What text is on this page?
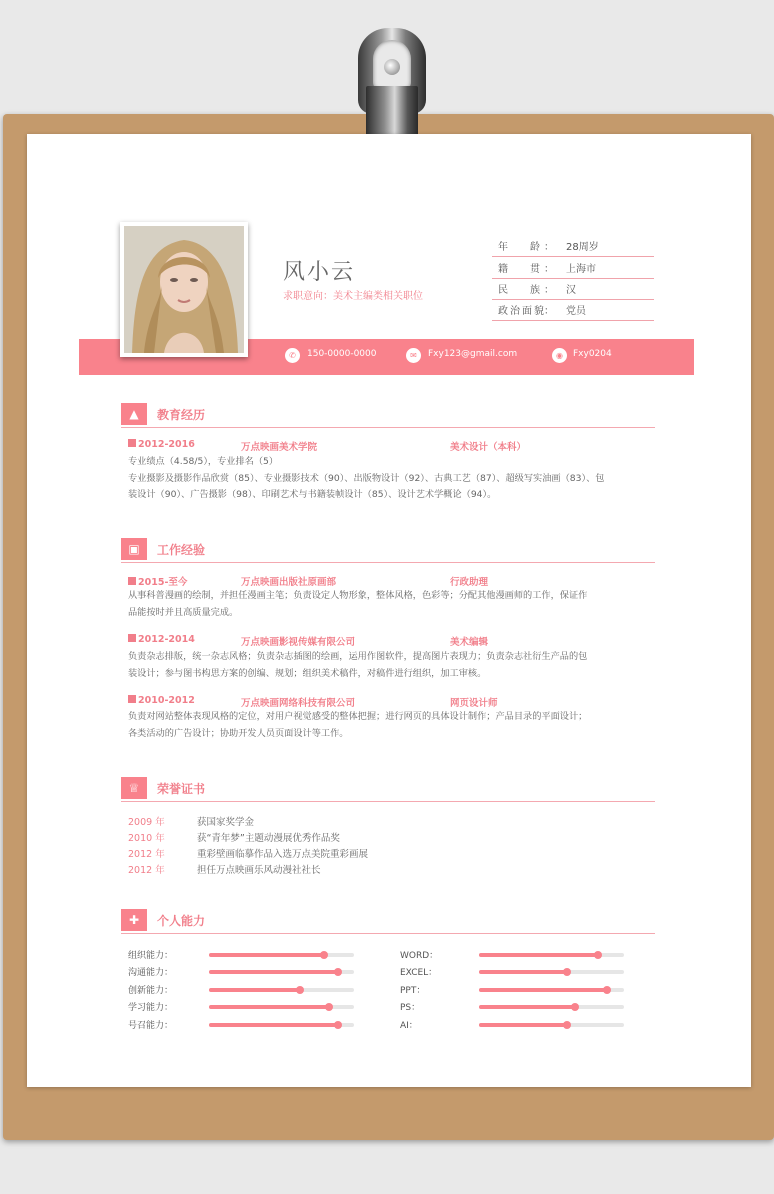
✆	150-0000-0000	✉	Fxy123@gmail.com	◉	Fxy0204
风小云
求职意向：美术主编类相关职位
年　龄
： 28周岁
籍　贯
： 上海市
民　族
： 汉
政治面貌
： 党员
▲	教育经历
2012-2016	万点映画美术学院	美术设计（本科）
专业绩点（4.58/5），专业排名（5）
专业摄影及摄影作品欣赏（85）、专业摄影技术（90）、出版物设计（92）、古典工艺（87）、超级写实油画（83）、包
装设计（90）、广告摄影（98）、印刷艺术与书籍装帧设计（85）、设计艺术学概论（94）。
▣	工作经验
2015-至今	万点映画出版社原画部	行政助理
从事科普漫画的绘制，并担任漫画主笔；负责设定人物形象，整体风格，色彩等；分配其他漫画师的工作，保证作
品能按时并且高质量完成。
2012-2014	万点映画影视传媒有限公司	美术编辑
负责杂志排版，统一杂志风格；负责杂志插图的绘画，运用作图软件，提高图片表现力；负责杂志社衍生产品的包
装设计；参与图书构思方案的创编、规划；组织美术稿件，对稿件进行组织，加工审核。
2010-2012	万点映画网络科技有限公司	网页设计师
负责对网站整体表现风格的定位，对用户视觉感受的整体把握；进行网页的具体设计制作；产品目录的平面设计；
各类活动的广告设计；协助开发人员页面设计等工作。
♕	荣誉证书
2009 年	获国家奖学金
2010 年	获“青年梦”主题动漫展优秀作品奖
2012 年	重彩壁画临摹作品入选万点美院重彩画展
2012 年	担任万点映画乐风动漫社社长
✚	个人能力
组织能力：
沟通能力：
创新能力：
学习能力：
号召能力：
WORD：
EXCEL：
PPT：
PS：
AI：
